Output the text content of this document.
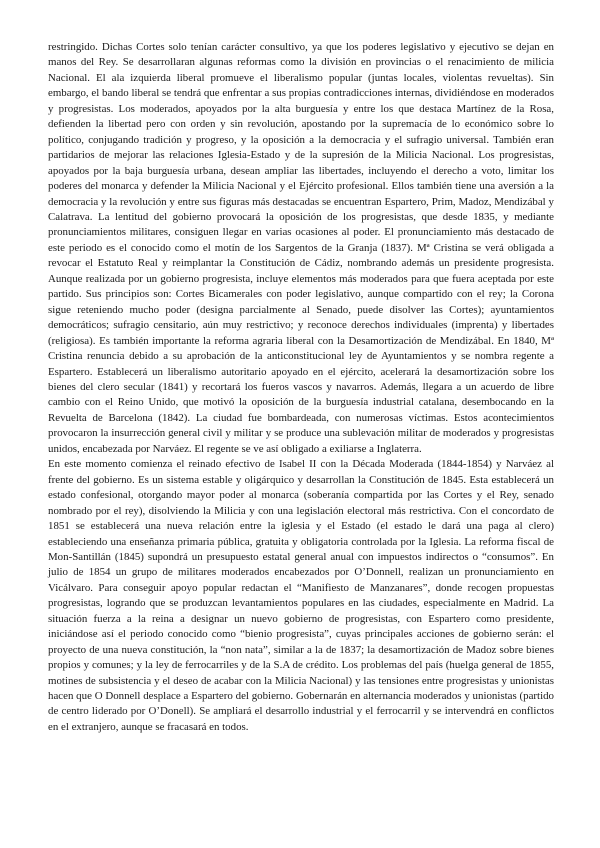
restringido. Dichas Cortes solo tenían carácter consultivo, ya que los poderes legislativo y ejecutivo se dejan en manos del Rey. Se desarrollaran algunas reformas como la división en provincias o el renacimiento de milicia Nacional. El ala izquierda liberal promueve el liberalismo popular (juntas locales, violentas revueltas). Sin embargo, el bando liberal se tendrá que enfrentar a sus propias contradicciones internas, dividiéndose en moderados y progresistas. Los moderados, apoyados por la alta burguesía y entre los que destaca Martínez de la Rosa, defienden la libertad pero con orden y sin revolución, apostando por la supremacía de lo económico sobre lo político, conjugando tradición y progreso, y la oposición a la democracia y el sufragio universal. También eran partidarios de mejorar las relaciones Iglesia-Estado y de la supresión de la Milicia Nacional. Los progresistas, apoyados por la baja burguesía urbana, desean ampliar las libertades, incluyendo el derecho a voto, limitar los poderes del monarca y defender la Milicia Nacional y el Ejército profesional. Ellos también tiene una aversión a la democracia y la revolución y entre sus figuras más destacadas se encuentran Espartero, Prim, Madoz, Mendizábal y Calatrava. La lentitud del gobierno provocará la oposición de los progresistas, que desde 1835, y mediante pronunciamientos militares, consiguen llegar en varias ocasiones al poder. El pronunciamiento más destacado de este periodo es el conocido como el motín de los Sargentos de la Granja (1837). Mª Cristina se verá obligada a revocar el Estatuto Real y reimplantar la Constitución de Cádiz, nombrando además un presidente progresista. Aunque realizada por un gobierno progresista, incluye elementos más moderados para que fuera aceptada por este partido. Sus principios son: Cortes Bicamerales con poder legislativo, aunque compartido con el rey; la Corona sigue reteniendo mucho poder (designa parcialmente al Senado, puede disolver las Cortes); ayuntamientos democráticos; sufragio censitario, aún muy restrictivo; y reconoce derechos individuales (imprenta) y libertades (religiosa). Es también importante la reforma agraria liberal con la Desamortización de Mendizábal. En 1840, Mª Cristina renuncia debido a su aprobación de la anticonstitucional ley de Ayuntamientos y se nombra regente a Espartero. Establecerá un liberalismo autoritario apoyado en el ejército, acelerará la desamortización sobre los bienes del clero secular (1841) y recortará los fueros vascos y navarros. Además, llegara a un acuerdo de libre cambio con el Reino Unido, que motivó la oposición de la burguesía industrial catalana, desembocando en la Revuelta de Barcelona (1842). La ciudad fue bombardeada, con numerosas víctimas. Estos acontecimientos provocaron la insurrección general civil y militar y se produce una sublevación militar de moderados y progresistas unidos, encabezada por Narváez. El regente se ve así obligado a exiliarse a Inglaterra.

En este momento comienza el reinado efectivo de Isabel II con la Década Moderada (1844-1854) y Narváez al frente del gobierno. Es un sistema estable y oligárquico y desarrollan la Constitución de 1845. Esta establecerá un estado confesional, otorgando mayor poder al monarca (soberanía compartida por las Cortes y el Rey, senado nombrado por el rey), disolviendo la Milicia y con una legislación electoral más restrictiva. Con el concordato de 1851 se establecerá una nueva relación entre la iglesia y el Estado (el estado le dará una paga al clero) estableciendo una enseñanza primaria pública, gratuita y obligatoria controlada por la Iglesia. La reforma fiscal de Mon-Santillán (1845) supondrá un presupuesto estatal general anual con impuestos indirectos o “consumos”. En julio de 1854 un grupo de militares moderados encabezados por O’Donnell, realizan un pronunciamiento en Vicálvaro. Para conseguir apoyo popular redactan el “Manifiesto de Manzanares”, donde recogen propuestas progresistas, logrando que se produzcan levantamientos populares en las ciudades, especialmente en Madrid. La situación fuerza a la reina a designar un nuevo gobierno de progresistas, con Espartero como presidente, iniciándose así el periodo conocido como “bienio progresista”, cuyas principales acciones de gobierno serán: el proyecto de una nueva constitución, la “non nata”, similar a la de 1837; la desamortización de Madoz sobre bienes propios y comunes; y la ley de ferrocarriles y de la S.A de crédito. Los problemas del país (huelga general de 1855, motines de subsistencia y el deseo de acabar con la Milicia Nacional) y las tensiones entre progresistas y unionistas hacen que O Donnell desplace a Espartero del gobierno. Gobernarán en alternancia moderados y unionistas (partido de centro liderado por O’Donell). Se ampliará el desarrollo industrial y el ferrocarril y se intervendrá en conflictos en el extranjero, aunque se fracasará en todos.
